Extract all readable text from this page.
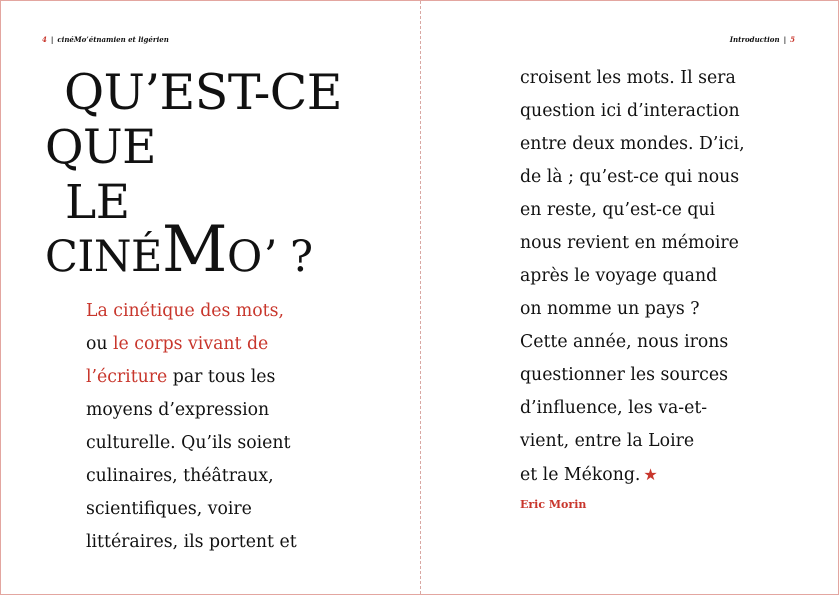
4 | cinéMo’étnamien et ligérien	Introduction | 5
QU’EST-CE
QUE
LE
CINÉMO’ ?
La cinétique des mots,
ou le corps vivant de
l’écriture par tous les
moyens d’expression
culturelle. Qu’ils soient
culinaires, théâtraux,
scientifiques, voire
littéraires, ils portent et
croisent les mots. Il sera
question ici d’interaction
entre deux mondes. D’ici,
de là ; qu’est-ce qui nous
en reste, qu’est-ce qui
nous revient en mémoire
après le voyage quand
on nomme un pays ?
Cette année, nous irons
questionner les sources
d’influence, les va-et-
vient, entre la Loire
et le Mékong. ★
Eric Morin
